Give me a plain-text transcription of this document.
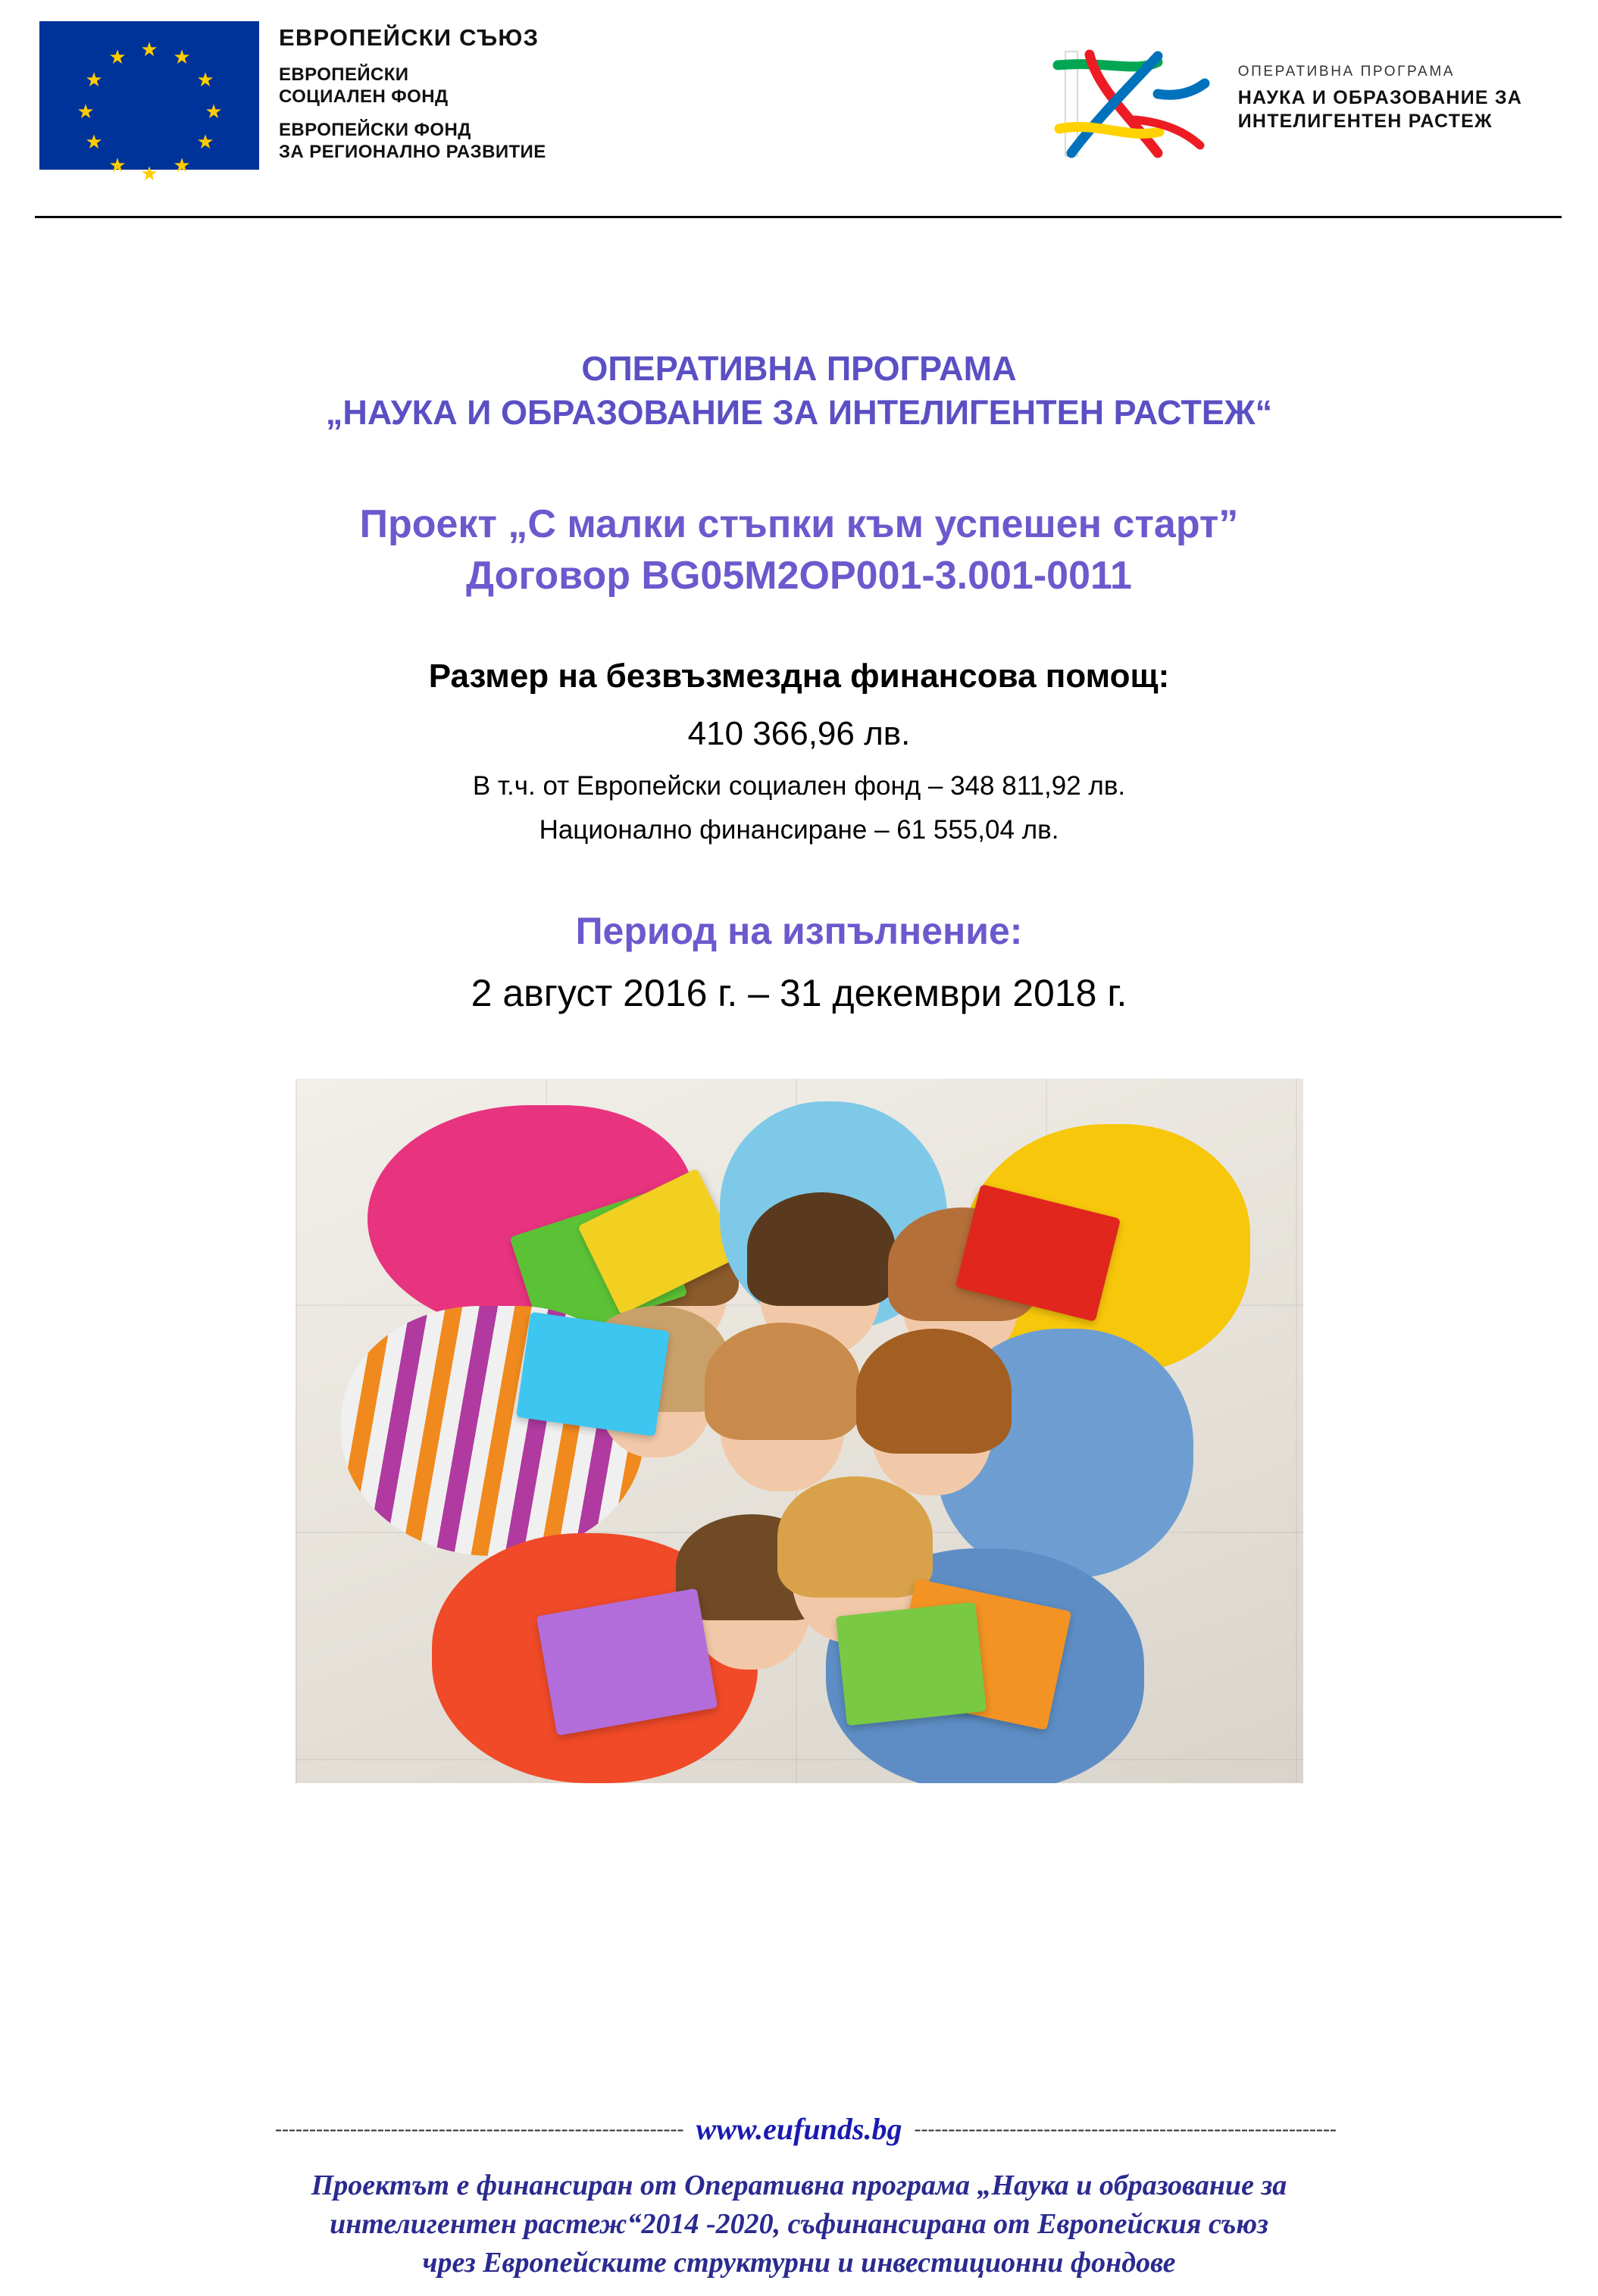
★ ★
★
★
★
★
★
★
★
★
★
★
ЕВРОПЕЙСКИ СЪЮЗ
ЕВРОПЕЙСКИ
СОЦИАЛЕН ФОНД
ЕВРОПЕЙСКИ ФОНД
ЗА РЕГИОНАЛНО РАЗВИТИЕ
ОПЕРАТИВНА ПРОГРАМА
НАУКА И ОБРАЗОВАНИЕ ЗА
ИНТЕЛИГЕНТЕН РАСТЕЖ
ОПЕРАТИВНА ПРОГРАМА
„НАУКА И ОБРАЗОВАНИЕ ЗА ИНТЕЛИГЕНТЕН РАСТЕЖ“
Проект „С малки стъпки към успешен старт”
Договор BG05M2OP001-3.001-0011
Размер на безвъзмездна финансова помощ:
410 366,96 лв.
В т.ч. от Европейски социален фонд – 348 811,92 лв.
Национално финансиране – 61 555,04 лв.
Период на изпълнение:
2 август 2016 г. – 31 декември 2018 г.
------------------------------------------------------------ www.eufunds.bg --------------------------------------------------------------
Проектът е финансиран от Оперативна програма „Наука и образование за
интелигентен растеж“2014 -2020, съфинансирана от Европейския съюз
чрез Европейските структурни и инвестиционни фондове
